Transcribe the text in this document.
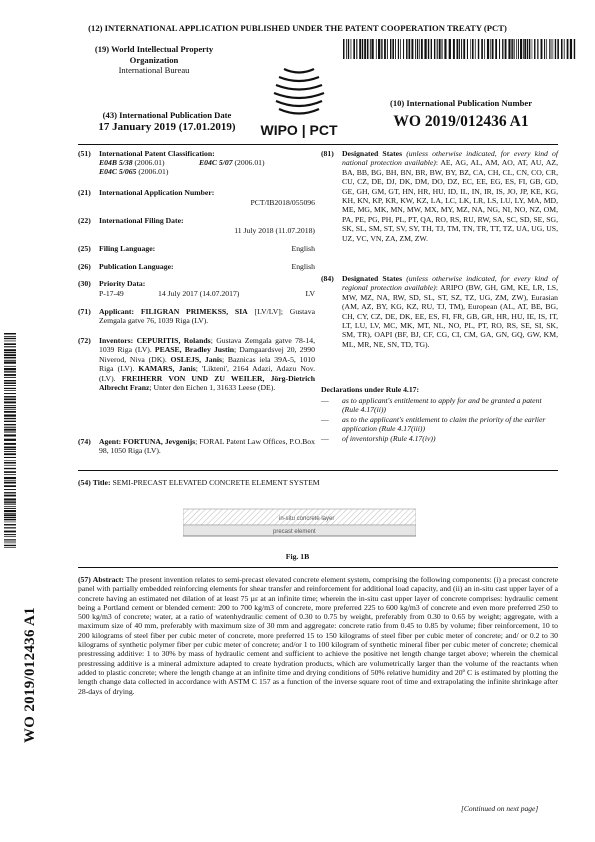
(12) INTERNATIONAL APPLICATION PUBLISHED UNDER THE PATENT COOPERATION TREATY (PCT)
(19) World Intellectual Property
Organization
International Bureau
WIPO | PCT
(43) International Publication Date
17 January 2019 (17.01.2019)
(10) International Publication Number
WO 2019/012436 A1
(51) International Patent Classification:
E04B 5/38 (2006.01)	E04C 5/07 (2006.01)
E04C 5/065 (2006.01)
(21) International Application Number:
PCT/IB2018/055096
(22) International Filing Date:
11 July 2018 (11.07.2018)
(25) Filing Language:	English
(26) Publication Language:	English
(30) Priority Data:
P-17-49	14 July 2017 (14.07.2017)	LV
(71) Applicant: FILIGRAN PRIMEKSS, SIA [LV/LV]; Gustava Zemgala gatve 76, 1039 Riga (LV).
(72) Inventors: CEPURITIS, Rolands; Gustava Zemgala gatve 78-14, 1039 Riga (LV). PEASE, Bradley Justin; Damgaardsvej 20, 2990 Niverod, Niva (DK). OSLEJS, Janis; Baznicas iela 39A-5, 1010 Riga (LV). KAMARS, Janis; 'Likteni', 2164 Adazi, Adazu Nov. (LV). FREIHERR VON UND ZU WEILER, Jörg-Dietrich Albrecht Franz; Unter den Eichen 1, 31633 Leese (DE).
(74) Agent: FORTUNA, Jevgenijs; FORAL Patent Law Offices, P.O.Box 98, 1050 Riga (LV).
(81) Designated States (unless otherwise indicated, for every kind of national protection available): AE, AG, AL, AM, AO, AT, AU, AZ, BA, BB, BG, BH, BN, BR, BW, BY, BZ, CA, CH, CL, CN, CO, CR, CU, CZ, DE, DJ, DK, DM, DO, DZ, EC, EE, EG, ES, FI, GB, GD, GE, GH, GM, GT, HN, HR, HU, ID, IL, IN, IR, IS, JO, JP, KE, KG, KH, KN, KP, KR, KW, KZ, LA, LC, LK, LR, LS, LU, LY, MA, MD, ME, MG, MK, MN, MW, MX, MY, MZ, NA, NG, NI, NO, NZ, OM, PA, PE, PG, PH, PL, PT, QA, RO, RS, RU, RW, SA, SC, SD, SE, SG, SK, SL, SM, ST, SV, SY, TH, TJ, TM, TN, TR, TT, TZ, UA, UG, US, UZ, VC, VN, ZA, ZM, ZW.
(84) Designated States (unless otherwise indicated, for every kind of regional protection available): ARIPO (BW, GH, GM, KE, LR, LS, MW, MZ, NA, RW, SD, SL, ST, SZ, TZ, UG, ZM, ZW), Eurasian (AM, AZ, BY, KG, KZ, RU, TJ, TM), European (AL, AT, BE, BG, CH, CY, CZ, DE, DK, EE, ES, FI, FR, GB, GR, HR, HU, IE, IS, IT, LT, LU, LV, MC, MK, MT, NL, NO, PL, PT, RO, RS, SE, SI, SK, SM, TR), OAPI (BF, BJ, CF, CG, CI, CM, GA, GN, GQ, GW, KM, ML, MR, NE, SN, TD, TG).
Declarations under Rule 4.17:
— as to applicant's entitlement to apply for and be granted a patent (Rule 4.17(ii))
— as to the applicant's entitlement to claim the priority of the earlier application (Rule 4.17(iii))
— of inventorship (Rule 4.17(iv))
(54) Title: SEMI-PRECAST ELEVATED CONCRETE ELEMENT SYSTEM
in-situ concrete layer
precast element
Fig. 1B
(57) Abstract: The present invention relates to semi-precast elevated concrete element system, comprising the following components: (i) a precast concrete panel with partially embedded reinforcing elements for shear transfer and reinforcement for additional load capacity, and (ii) an in-situ cast upper layer of a concrete having an estimated net dilation of at least 75 µε at an infinite time; wherein the in-situ cast upper layer of concrete comprises: hydraulic cement being a Portland cement or blended cement: 200 to 700 kg/m3 of concrete, more preferred 225 to 600 kg/m3 of concrete and even more preferred 250 to 500 kg/m3 of concrete; water, at a ratio of watenhydraulic cement of 0.30 to 0.75 by weight, preferably from 0.30 to 0.65 by weight; aggregate, with a maximum size of 40 mm, preferably with maximum size of 30 mm and aggregate: concrete ratio from 0.45 to 0.85 by volume; fiber reinforcement, 10 to 200 kilograms of steel fiber per cubic meter of concrete, more preferred 15 to 150 kilograms of steel fiber per cubic meter of concrete; and/ or 0.2 to 30 kilograms of synthetic polymer fiber per cubic meter of concrete; and/or 1 to 100 kilogram of synthetic mineral fiber per cubic meter of concrete; chemical prestressing additive: 1 to 30% by mass of hydraulic cement and sufficient to achieve the positive net length change target above; wherein the chemical prestressing additive is a mineral admixture adapted to create hydration products, which are volumetrically larger than the volume of the reactants when added to plastic concrete; where the length change at an infinite time and drying conditions of 50% relative humidity and 20º C is estimated by plotting the length change data collected in accordance with ASTM C 157 as a function of the inverse square root of time and extrapolating the infinite shrinkage after 28-days of drying.
WO 2019/012436 A1
[Continued on next page]
